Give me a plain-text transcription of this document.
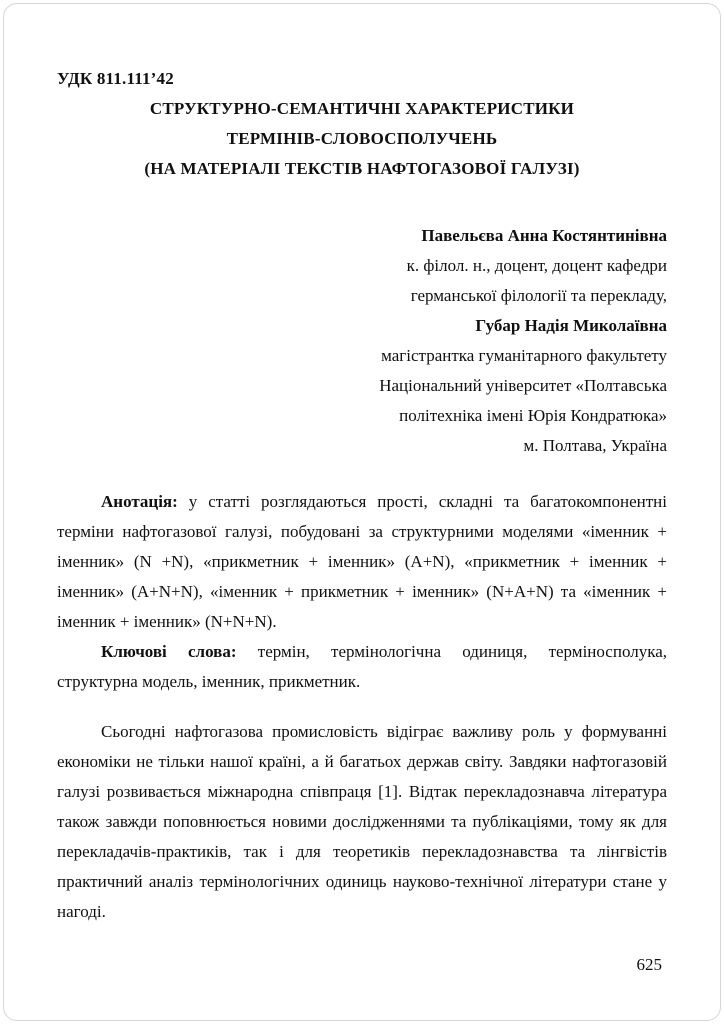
УДК 811.111’42
СТРУКТУРНО-СЕМАНТИЧНІ ХАРАКТЕРИСТИКИ
ТЕРМІНІВ-СЛОВОСПОЛУЧЕНЬ
(НА МАТЕРІАЛІ ТЕКСТІВ НАФТОГАЗОВОЇ ГАЛУЗІ)
Павельєва Анна Костянтинівна
к. філол. н., доцент, доцент кафедри
германської філології та перекладу,
Губар Надія Миколаївна
магістрантка гуманітарного факультету
Національний університет «Полтавська
політехніка імені Юрія Кондратюка»
м. Полтава, Україна

Анотація: у статті розглядаються прості, складні та багатокомпонентні терміни нафтогазової галузі, побудовані за структурними моделями «іменник + іменник» (N +N), «прикметник + іменник» (A+N), «прикметник + іменник + іменник» (A+N+N), «іменник + прикметник + іменник» (N+A+N) та «іменник + іменник + іменник» (N+N+N).

Ключові слова: термін, термінологічна одиниця, терміносполука, структурна модель, іменник, прикметник.

Сьогодні нафтогазова промисловість відіграє важливу роль у формуванні економіки не тільки нашої країні, а й багатьох держав світу. Завдяки нафтогазовій галузі розвивається міжнародна співпраця [1]. Відтак перекладознавча література також завжди поповнюється новими дослідженнями та публікаціями, тому як для перекладачів-практиків, так і для теоретиків перекладознавства та лінгвістів практичний аналіз термінологічних одиниць науково-технічної літератури стане у нагоді.

625
